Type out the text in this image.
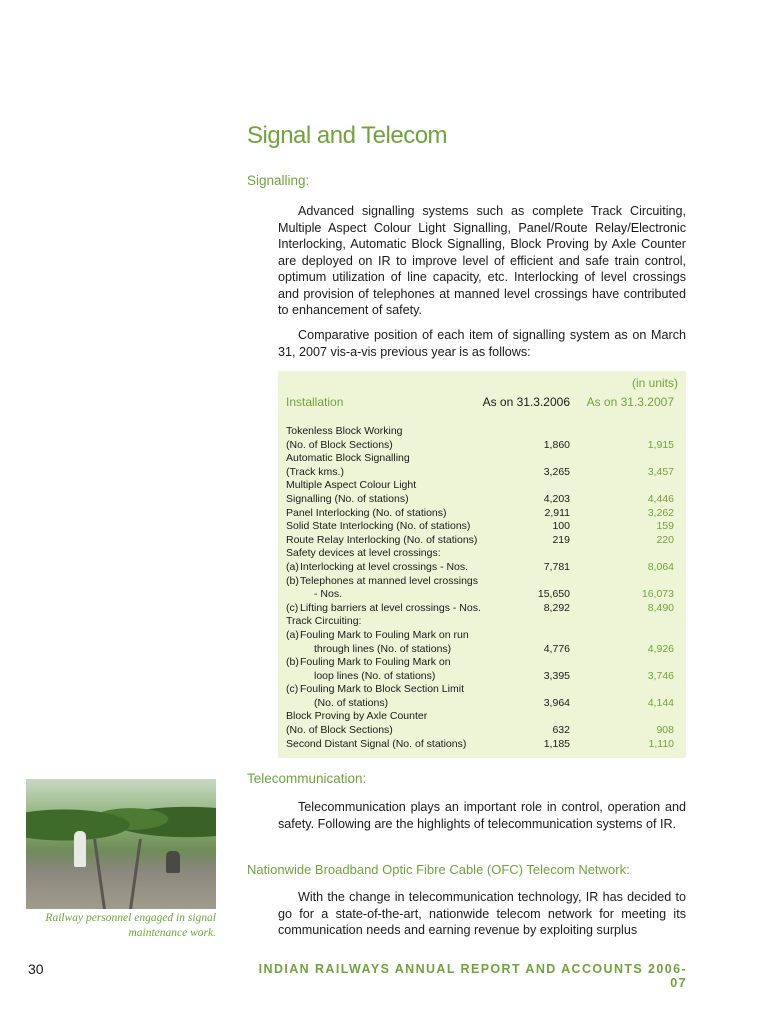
Signal and Telecom
Signalling:
Advanced signalling systems such as complete Track Circuiting, Multiple Aspect Colour Light Signalling, Panel/Route Relay/Electronic Interlocking, Automatic Block Signalling, Block Proving by Axle Counter are deployed on IR to improve level of efficient and safe train control, optimum utilization of line capacity, etc. Interlocking of level crossings and provision of telephones at manned level crossings have contributed to enhancement of safety.
Comparative position of each item of signalling system as on March 31, 2007 vis-a-vis previous year is as follows:
(in units)
Installation	As on 31.3.2006 As on 31.3.2007
Tokenless Block Working
(No. of Block Sections)	1,860	1,915
Automatic Block Signalling
(Track kms.)	3,265	3,457
Multiple Aspect Colour Light
Signalling (No. of stations)	4,203	4,446
Panel Interlocking (No. of stations)	2,911	3,262
Solid State Interlocking (No. of stations)	100	159
Route Relay Interlocking (No. of stations)	219	220
Safety devices at level crossings:
(a) Interlocking at level crossings - Nos.	7,781	8,064
(b) Telephones at manned level crossings
- Nos.	15,650	16,073
(c) Lifting barriers at level crossings - Nos.	8,292	8,490
Track Circuiting:
(a) Fouling Mark to Fouling Mark on run
through lines (No. of stations)	4,776	4,926
(b) Fouling Mark to Fouling Mark on
loop lines (No. of stations)	3,395	3,746
(c) Fouling Mark to Block Section Limit
(No. of stations)	3,964	4,144
Block Proving by Axle Counter
(No. of Block Sections)	632	908
Second Distant Signal (No. of stations)	1,185	1,110
Railway personnel engaged in signal maintenance work.
Telecommunication:
Telecommunication plays an important role in control, operation and safety. Following are the highlights of telecommunication systems of IR.
Nationwide Broadband Optic Fibre Cable (OFC) Telecom Network:
With the change in telecommunication technology, IR has decided to go for a state-of-the-art, nationwide telecom network for meeting its communication needs and earning revenue by exploiting surplus
30	INDIAN RAILWAYS ANNUAL REPORT AND ACCOUNTS 2006-07
